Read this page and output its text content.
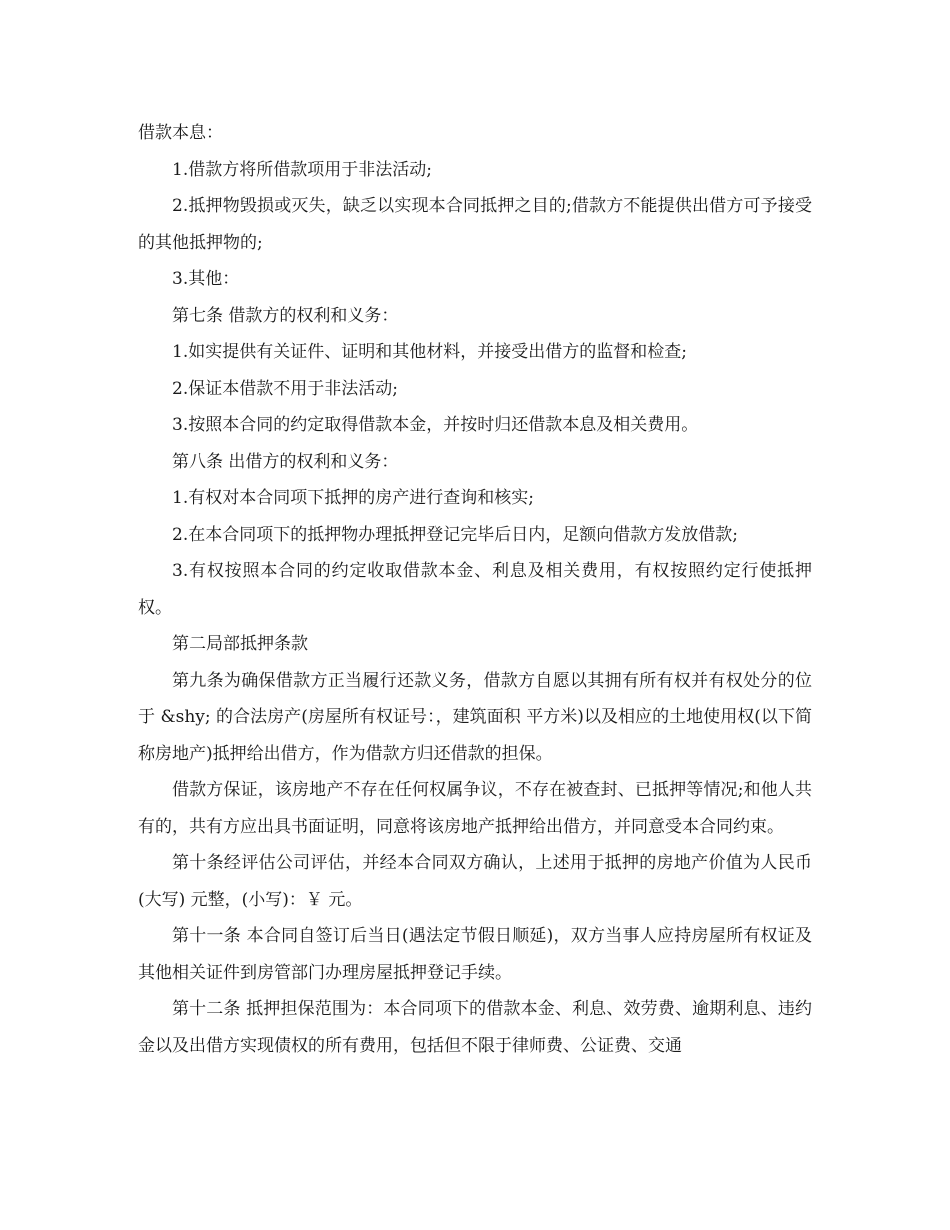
借款本息：

1.借款方将所借款项用于非法活动;

2.抵押物毁损或灭失，缺乏以实现本合同抵押之目的;借款方不能提供出借方可予接受的其他抵押物的;

3.其他：

第七条 借款方的权利和义务：

1.如实提供有关证件、证明和其他材料，并接受出借方的监督和检查;

2.保证本借款不用于非法活动;

3.按照本合同的约定取得借款本金，并按时归还借款本息及相关费用。

第八条 出借方的权利和义务：

1.有权对本合同项下抵押的房产进行查询和核实;

2.在本合同项下的抵押物办理抵押登记完毕后日内，足额向借款方发放借款;

3.有权按照本合同的约定收取借款本金、利息及相关费用，有权按照约定行使抵押权。

第二局部抵押条款

第九条为确保借款方正当履行还款义务，借款方自愿以其拥有所有权并有权处分的位于 &shy; 的合法房产(房屋所有权证号：，建筑面积 平方米)以及相应的土地使用权(以下简称房地产)抵押给出借方，作为借款方归还借款的担保。

借款方保证，该房地产不存在任何权属争议，不存在被查封、已抵押等情况;和他人共有的，共有方应出具书面证明，同意将该房地产抵押给出借方，并同意受本合同约束。

第十条经评估公司评估，并经本合同双方确认，上述用于抵押的房地产价值为人民币(大写) 元整，(小写)：￥ 元。

第十一条 本合同自签订后当日(遇法定节假日顺延)，双方当事人应持房屋所有权证及其他相关证件到房管部门办理房屋抵押登记手续。

第十二条 抵押担保范围为：本合同项下的借款本金、利息、效劳费、逾期利息、违约金以及出借方实现债权的所有费用，包括但不限于律师费、公证费、交通
